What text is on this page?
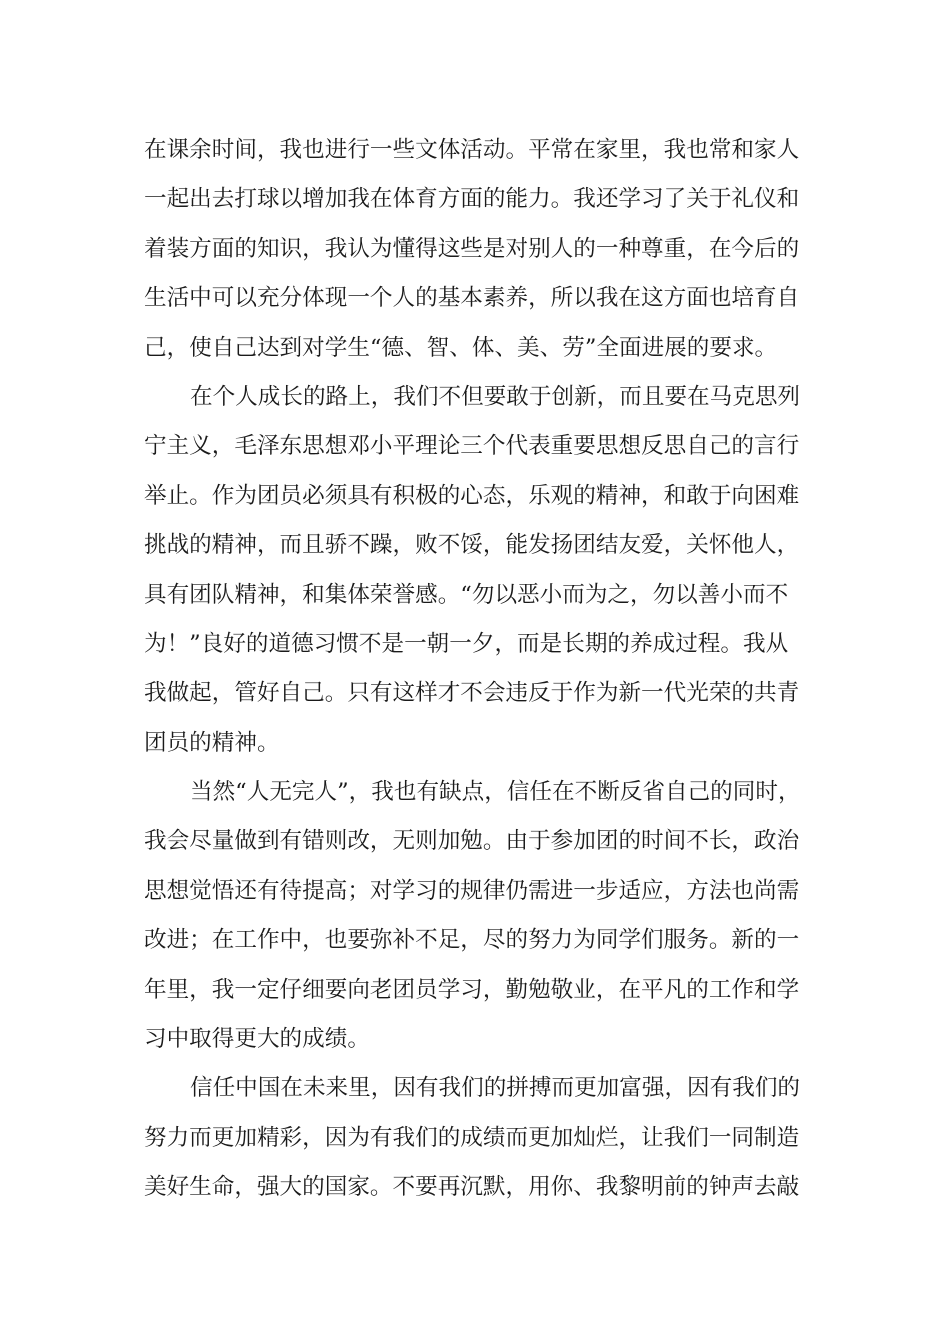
在课余时间，我也进行一些文体活动。平常在家里，我也常和家人
一起出去打球以增加我在体育方面的能力。我还学习了关于礼仪和
着装方面的知识，我认为懂得这些是对别人的一种尊重，在今后的
生活中可以充分体现一个人的基本素养，所以我在这方面也培育自
己，使自己达到对学生“德、智、体、美、劳”全面进展的要求。
在个人成长的路上，我们不但要敢于创新，而且要在马克思列
宁主义，毛泽东思想邓小平理论三个代表重要思想反思自己的言行
举止。作为团员必须具有积极的心态，乐观的精神，和敢于向困难
挑战的精神，而且骄不躁，败不馁，能发扬团结友爱，关怀他人，
具有团队精神，和集体荣誉感。“勿以恶小而为之，勿以善小而不
为！”良好的道德习惯不是一朝一夕，而是长期的养成过程。我从
我做起，管好自己。只有这样才不会违反于作为新一代光荣的共青
团员的精神。
当然“人无完人”，我也有缺点，信任在不断反省自己的同时，
我会尽量做到有错则改，无则加勉。由于参加团的时间不长，政治
思想觉悟还有待提高；对学习的规律仍需进一步适应，方法也尚需
改进；在工作中，也要弥补不足，尽的努力为同学们服务。新的一
年里，我一定仔细要向老团员学习，勤勉敬业，在平凡的工作和学
习中取得更大的成绩。
信任中国在未来里，因有我们的拼搏而更加富强，因有我们的
努力而更加精彩，因为有我们的成绩而更加灿烂，让我们一同制造
美好生命，强大的国家。不要再沉默，用你、我黎明前的钟声去敲
